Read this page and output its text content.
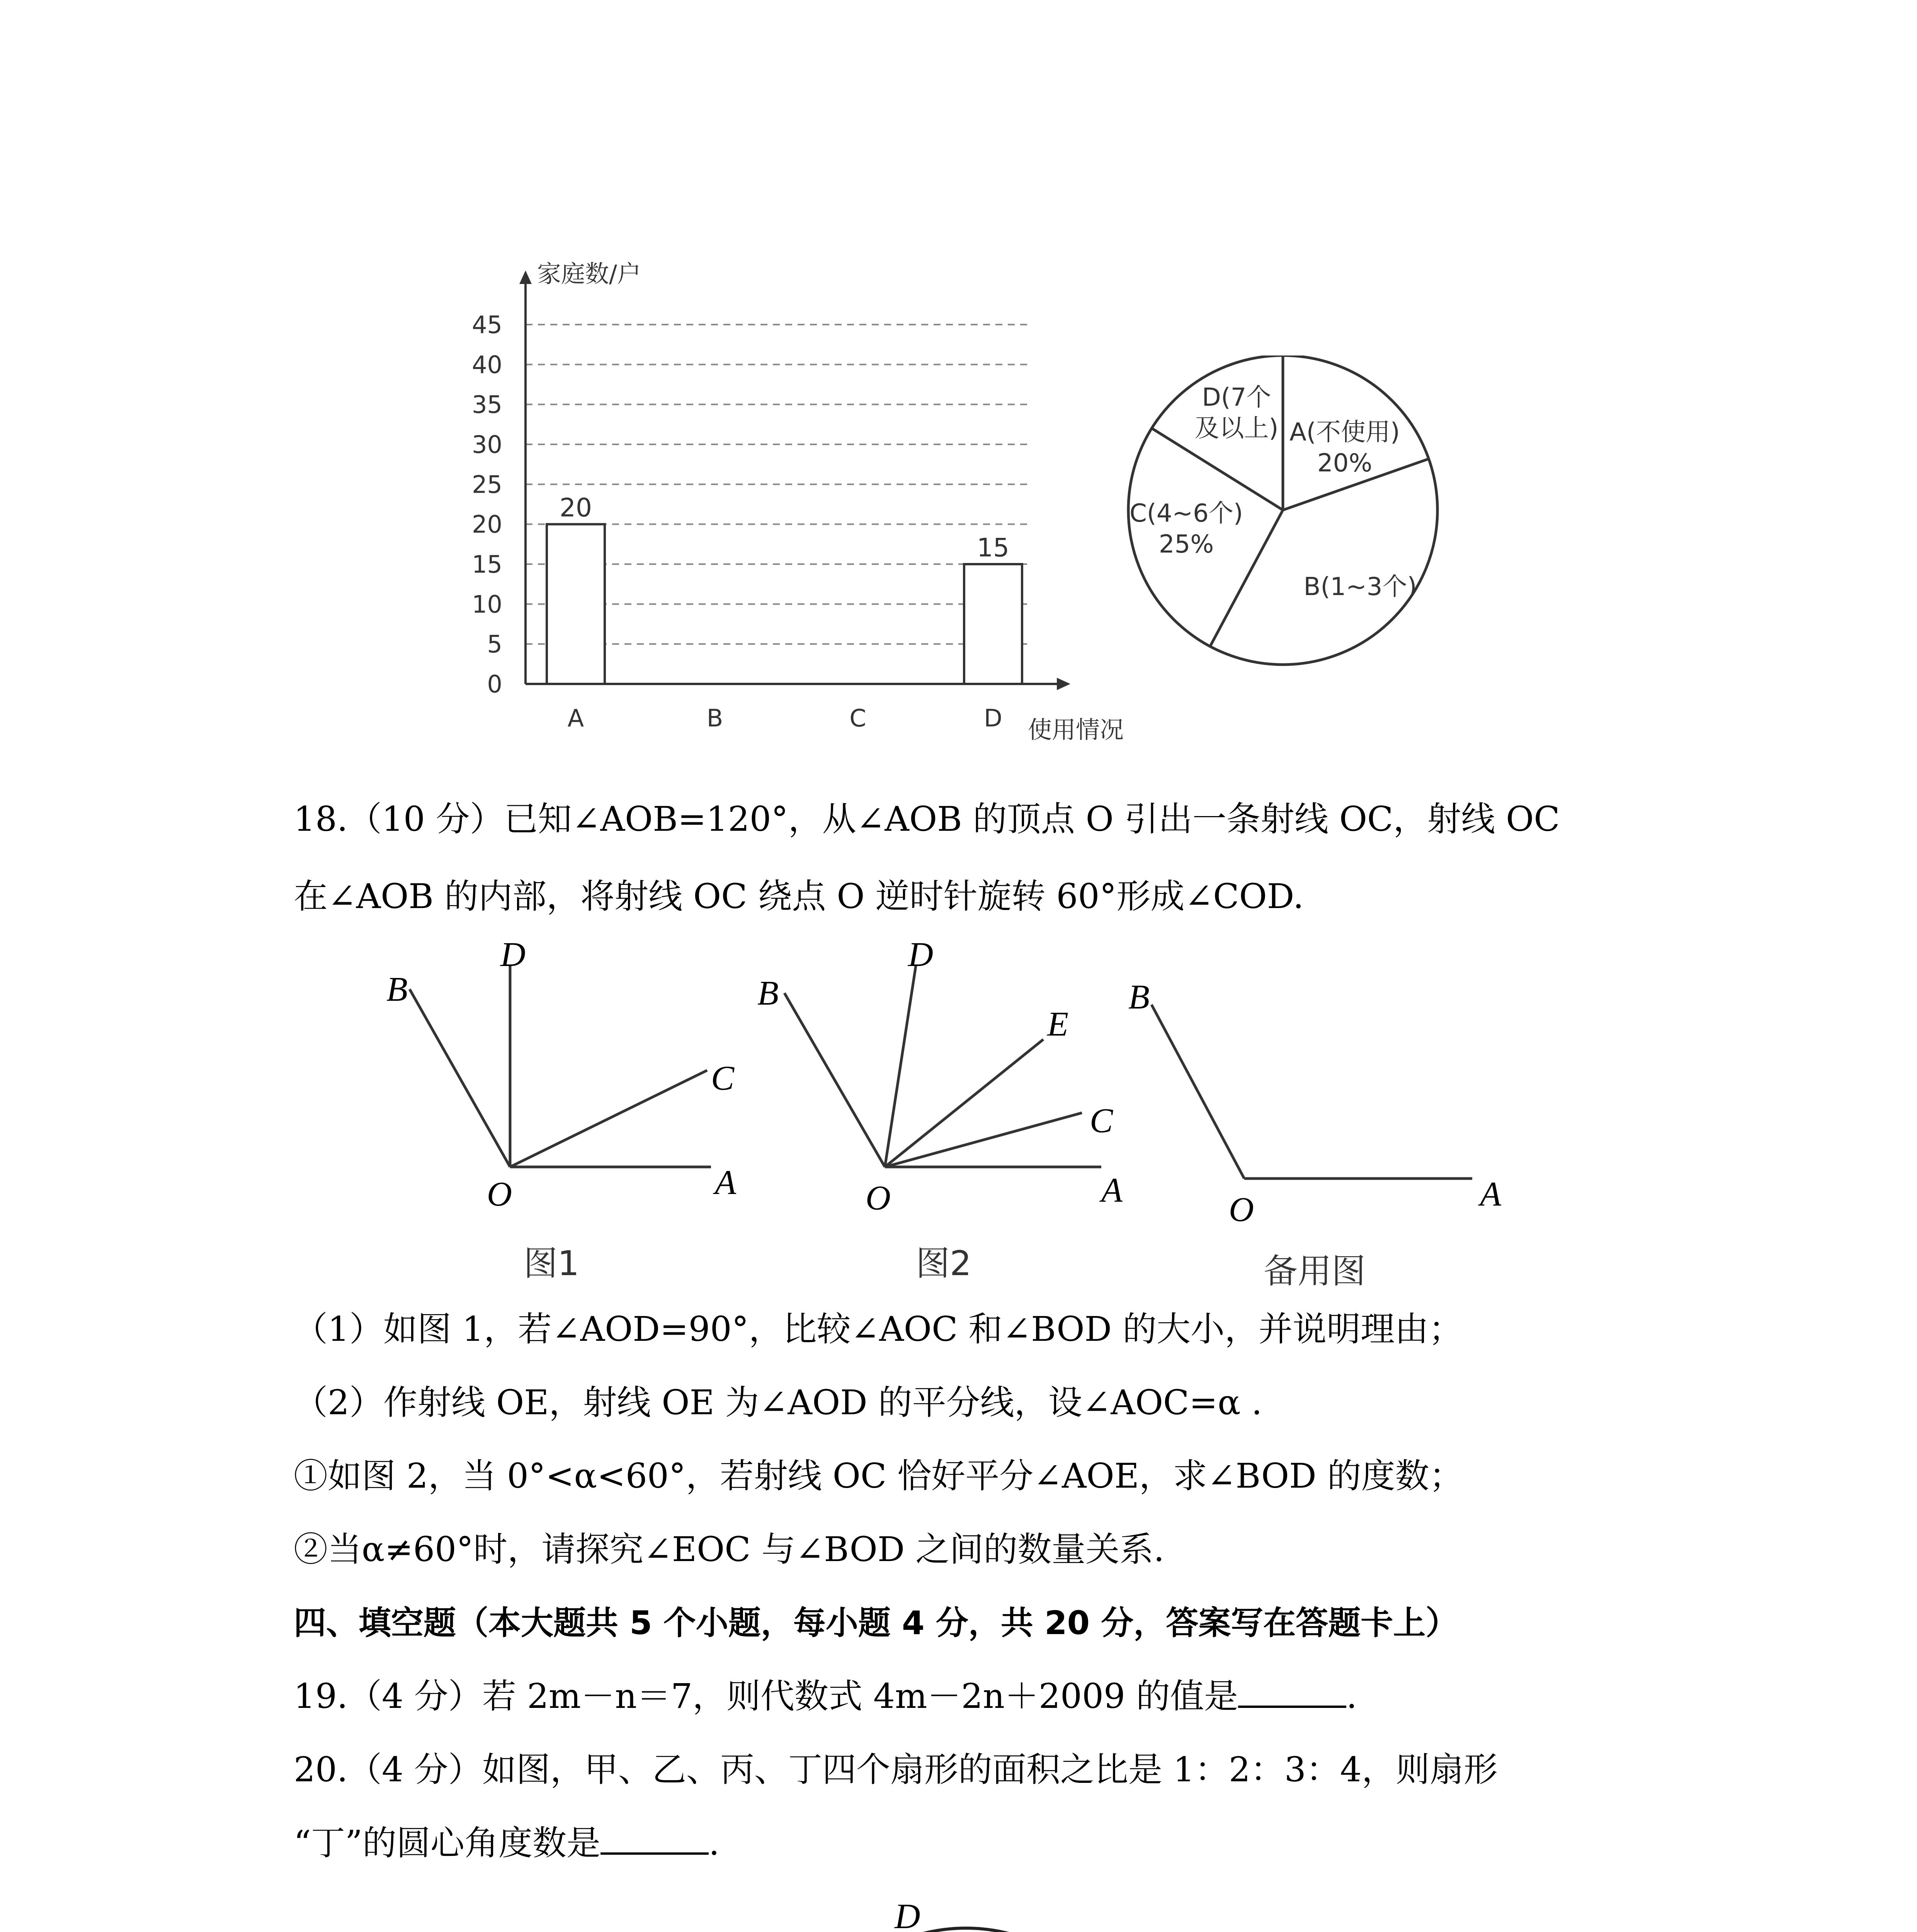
0
5
10
15
20
25
30
35
40
45
家庭数/户
使用情况
A
20
B	C	D
15
A(不使用)
20%
B(1~3个)
C(4~6个)
25%
D(7个
及以上)
18.（10 分）已知∠AOB=120°，从∠AOB 的顶点 O 引出一条射线 OC，射线 OC
在∠AOB 的内部，将射线 OC 绕点 O 逆时针旋转 60°形成∠COD.
B
D
C
A
O
图1
B
D
E
C
A
O
图2
B
A
O
备用图
（1）如图 1，若∠AOD=90°，比较∠AOC 和∠BOD 的大小，并说明理由；
（2）作射线 OE，射线 OE 为∠AOD 的平分线，设∠AOC=α .
①如图 2，当 0°<α<60°，若射线 OC 恰好平分∠AOE，求∠BOD 的度数；
②当α≠60°时，请探究∠EOC 与∠BOD 之间的数量关系.
四、填空题（本大题共 5 个小题，每小题 4 分，共 20 分，答案写在答题卡上）
19.（4 分）若 2m－n＝7，则代数式 4m－2n＋2009 的值是	.
20.（4 分）如图，甲、乙、丙、丁四个扇形的面积之比是 1：2：3：4，则扇形
“丁”的圆心角度数是	.
D
